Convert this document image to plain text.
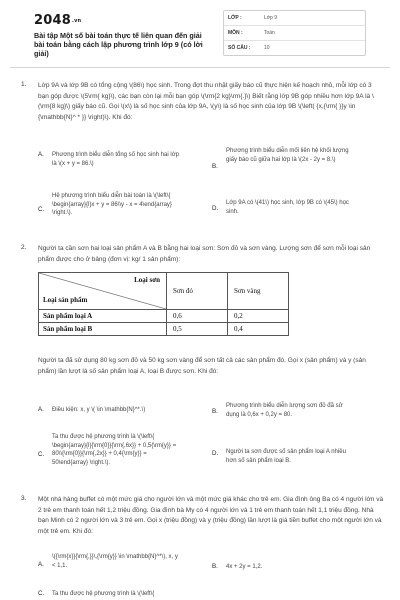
2048.vn
Bài tập Một số bài toán thực tế liên quan đến giải bài toán bằng cách lập phương trình lớp 9 (có lời giải)
LỚP :	Lớp 9
MÔN :	Toán
SỐ CÂU :	10
1. Lớp 9A và lớp 9B có tổng cộng \(86\) học sinh. Trong đợt thu nhặt giấy báo cũ thực hiện kế hoạch nhỏ, mỗi lớp có 3 bạn góp được \(5\rm{ kg}\), các bạn còn lại mỗi bạn góp \(\rm{2 kg}\rm{.}\) Biết rằng lớp 9B góp nhiều hơn lớp 9A là \(\rm{8 kg}\) giấy báo cũ. Gọi \(x\) là số học sinh của lớp 9A, \(y\) là số học sinh của lớp 9B \(\left( {x,{\rm{ }}y \in {\mathbb{N}^ * }} \right)\). Khi đó:
A. Phương trình biểu diễn tổng số học sinh hai lớp là \(x + y = 86.\)	B.
Phương trình biểu diễn mối liên hệ khối lượng giấy báo cũ giữa hai lớp là \(2x - 2y = 8.\)
C.
Hệ phương trình biểu diễn bài toán là \(\left\{ \begin{array}{l}x + y = 86\\y - x = 4\end{array} \right.\).
D.
Lớp 9A có \(41\) học sinh, lớp 9B có \(45\) học sinh.
2. Người ta cần sơn hai loại sản phẩm A và B bằng hai loại sơn: Sơn đỏ và sơn vàng. Lượng sơn để sơn mỗi loại sản phẩm được cho ở bảng (đơn vị: kg/ 1 sản phẩm):
Loại sơn
Loại sản phẩm	Sơn đỏ	Sơn vàng
Sản phẩm loại A	0,6	0,2
Sản phẩm loại B	0,5	0,4
Người ta đã sử dụng 80 kg sơn đỏ và 50 kg sơn vàng để sơn tất cả các sản phẩm đó. Gọi x (sản phẩm) và y (sản phẩm) lần lượt là số sản phẩm loại A, loại B được sơn. Khi đó:
A. Điều kiện: x, y \( \in \mathbb{N}^*.\)	B.
Phương trình biểu diễn lượng sơn đỏ đã sử dụng là 0,6x + 0,2y = 80.
C.
Ta thu được hệ phương trình là \(\left\{ \begin{array}{l}{\rm{0}}{\rm{,6x}} + 0,5{\rm{y}} = 80\\{\rm{0}}{\rm{,2x}} + 0,4{\rm{y}} = 50\end{array} \right.\).
D. Người ta sơn được số sản phẩm loại A nhiều hơn số sản phẩm loại B.
3. Một nhà hàng buffet có một mức giá cho người lớn và một mức giá khác cho trẻ em. Gia đình ông Ba có 4 người lớn và 2 trẻ em thanh toán hết 1,2 triệu đồng. Gia đình bà My có 4 người lớn và 1 trẻ em thanh toán hết 1,1 triệu đồng. Nhà bạn Minh có 2 người lớn và 3 trẻ em. Gọi x (triệu đồng) và y (triệu đồng) lần lượt là giá tiền buffet cho một người lớn và một trẻ em. Khi đó:
A.
\({\rm{x}}{\rm{,}}\,{\rm{y}} \in \mathbb{N}^*\), x, y < 1,1.	B. 4x + 2y = 1,2.
C. Ta thu được hệ phương trình là \(\left\{
